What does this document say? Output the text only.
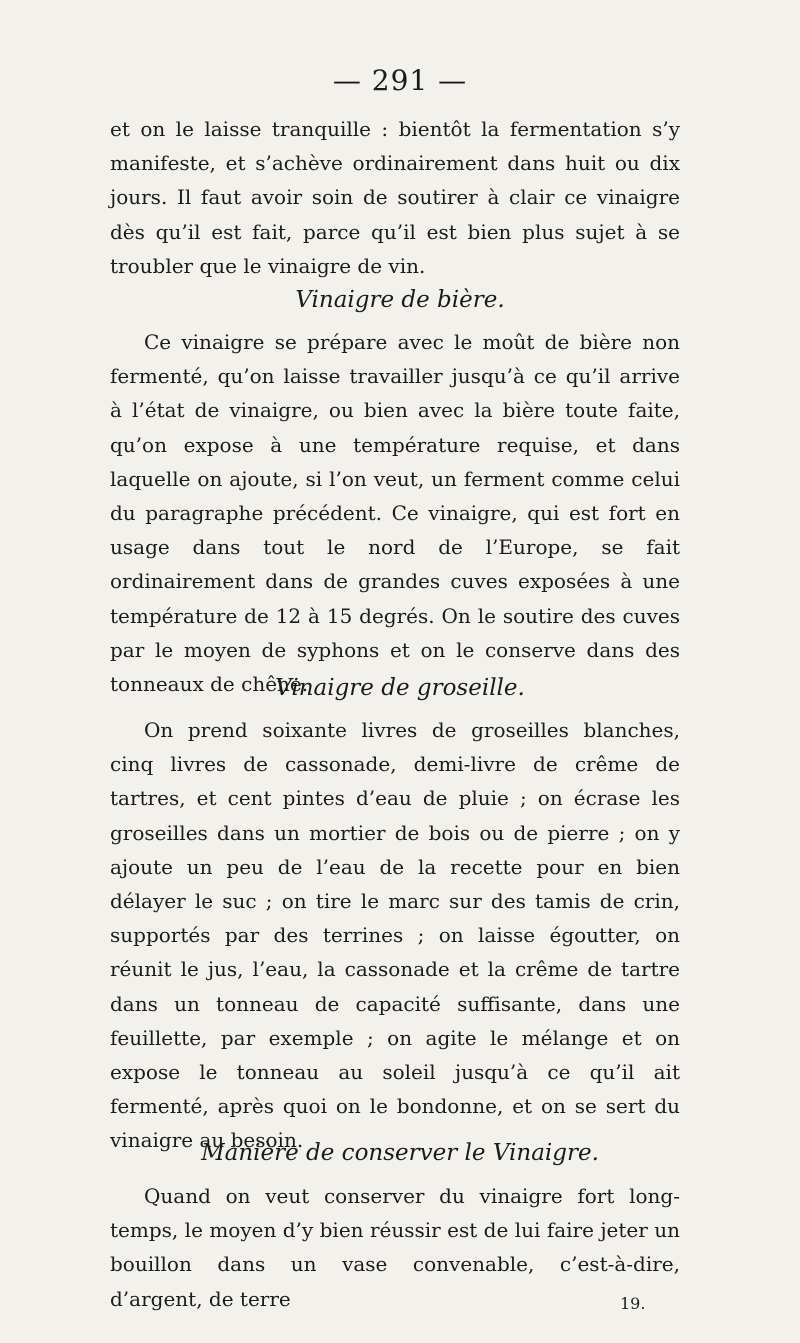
— 291 —

et on le laisse tranquille : bientôt la fermentation s’y manifeste, et s’achève ordinairement dans huit ou dix jours. Il faut avoir soin de soutirer à clair ce vinaigre dès qu’il est fait, parce qu’il est bien plus sujet à se troubler que le vinaigre de vin.

Vinaigre de bière.

Ce vinaigre se prépare avec le moût de bière non fermenté, qu’on laisse travailler jusqu’à ce qu’il arrive à l’état de vinaigre, ou bien avec la bière toute faite, qu’on expose à une température requise, et dans laquelle on ajoute, si l’on veut, un ferment comme celui du paragraphe précédent. Ce vinaigre, qui est fort en usage dans tout le nord de l’Europe, se fait ordinairement dans de grandes cuves exposées à une température de 12 à 15 degrés. On le soutire des cuves par le moyen de syphons et on le conserve dans des tonneaux de chêne.

Vinaigre de groseille.

On prend soixante livres de groseilles blanches, cinq livres de cassonade, demi-livre de crême de tartres, et cent pintes d’eau de pluie ; on écrase les groseilles dans un mortier de bois ou de pierre ; on y ajoute un peu de l’eau de la recette pour en bien délayer le suc ; on tire le marc sur des tamis de crin, supportés par des terrines ; on laisse égoutter, on réunit le jus, l’eau, la cassonade et la crême de tartre dans un tonneau de capacité suffisante, dans une feuillette, par exemple ; on agite le mélange et on expose le tonneau au soleil jusqu’à ce qu’il ait fermenté, après quoi on le bondonne, et on se sert du vinaigre au besoin.

Manière de conserver le Vinaigre.

Quand on veut conserver du vinaigre fort long-temps, le moyen d’y bien réussir est de lui faire jeter un bouillon dans un vase convenable, c’est-à-dire, d’argent, de terre	19.
